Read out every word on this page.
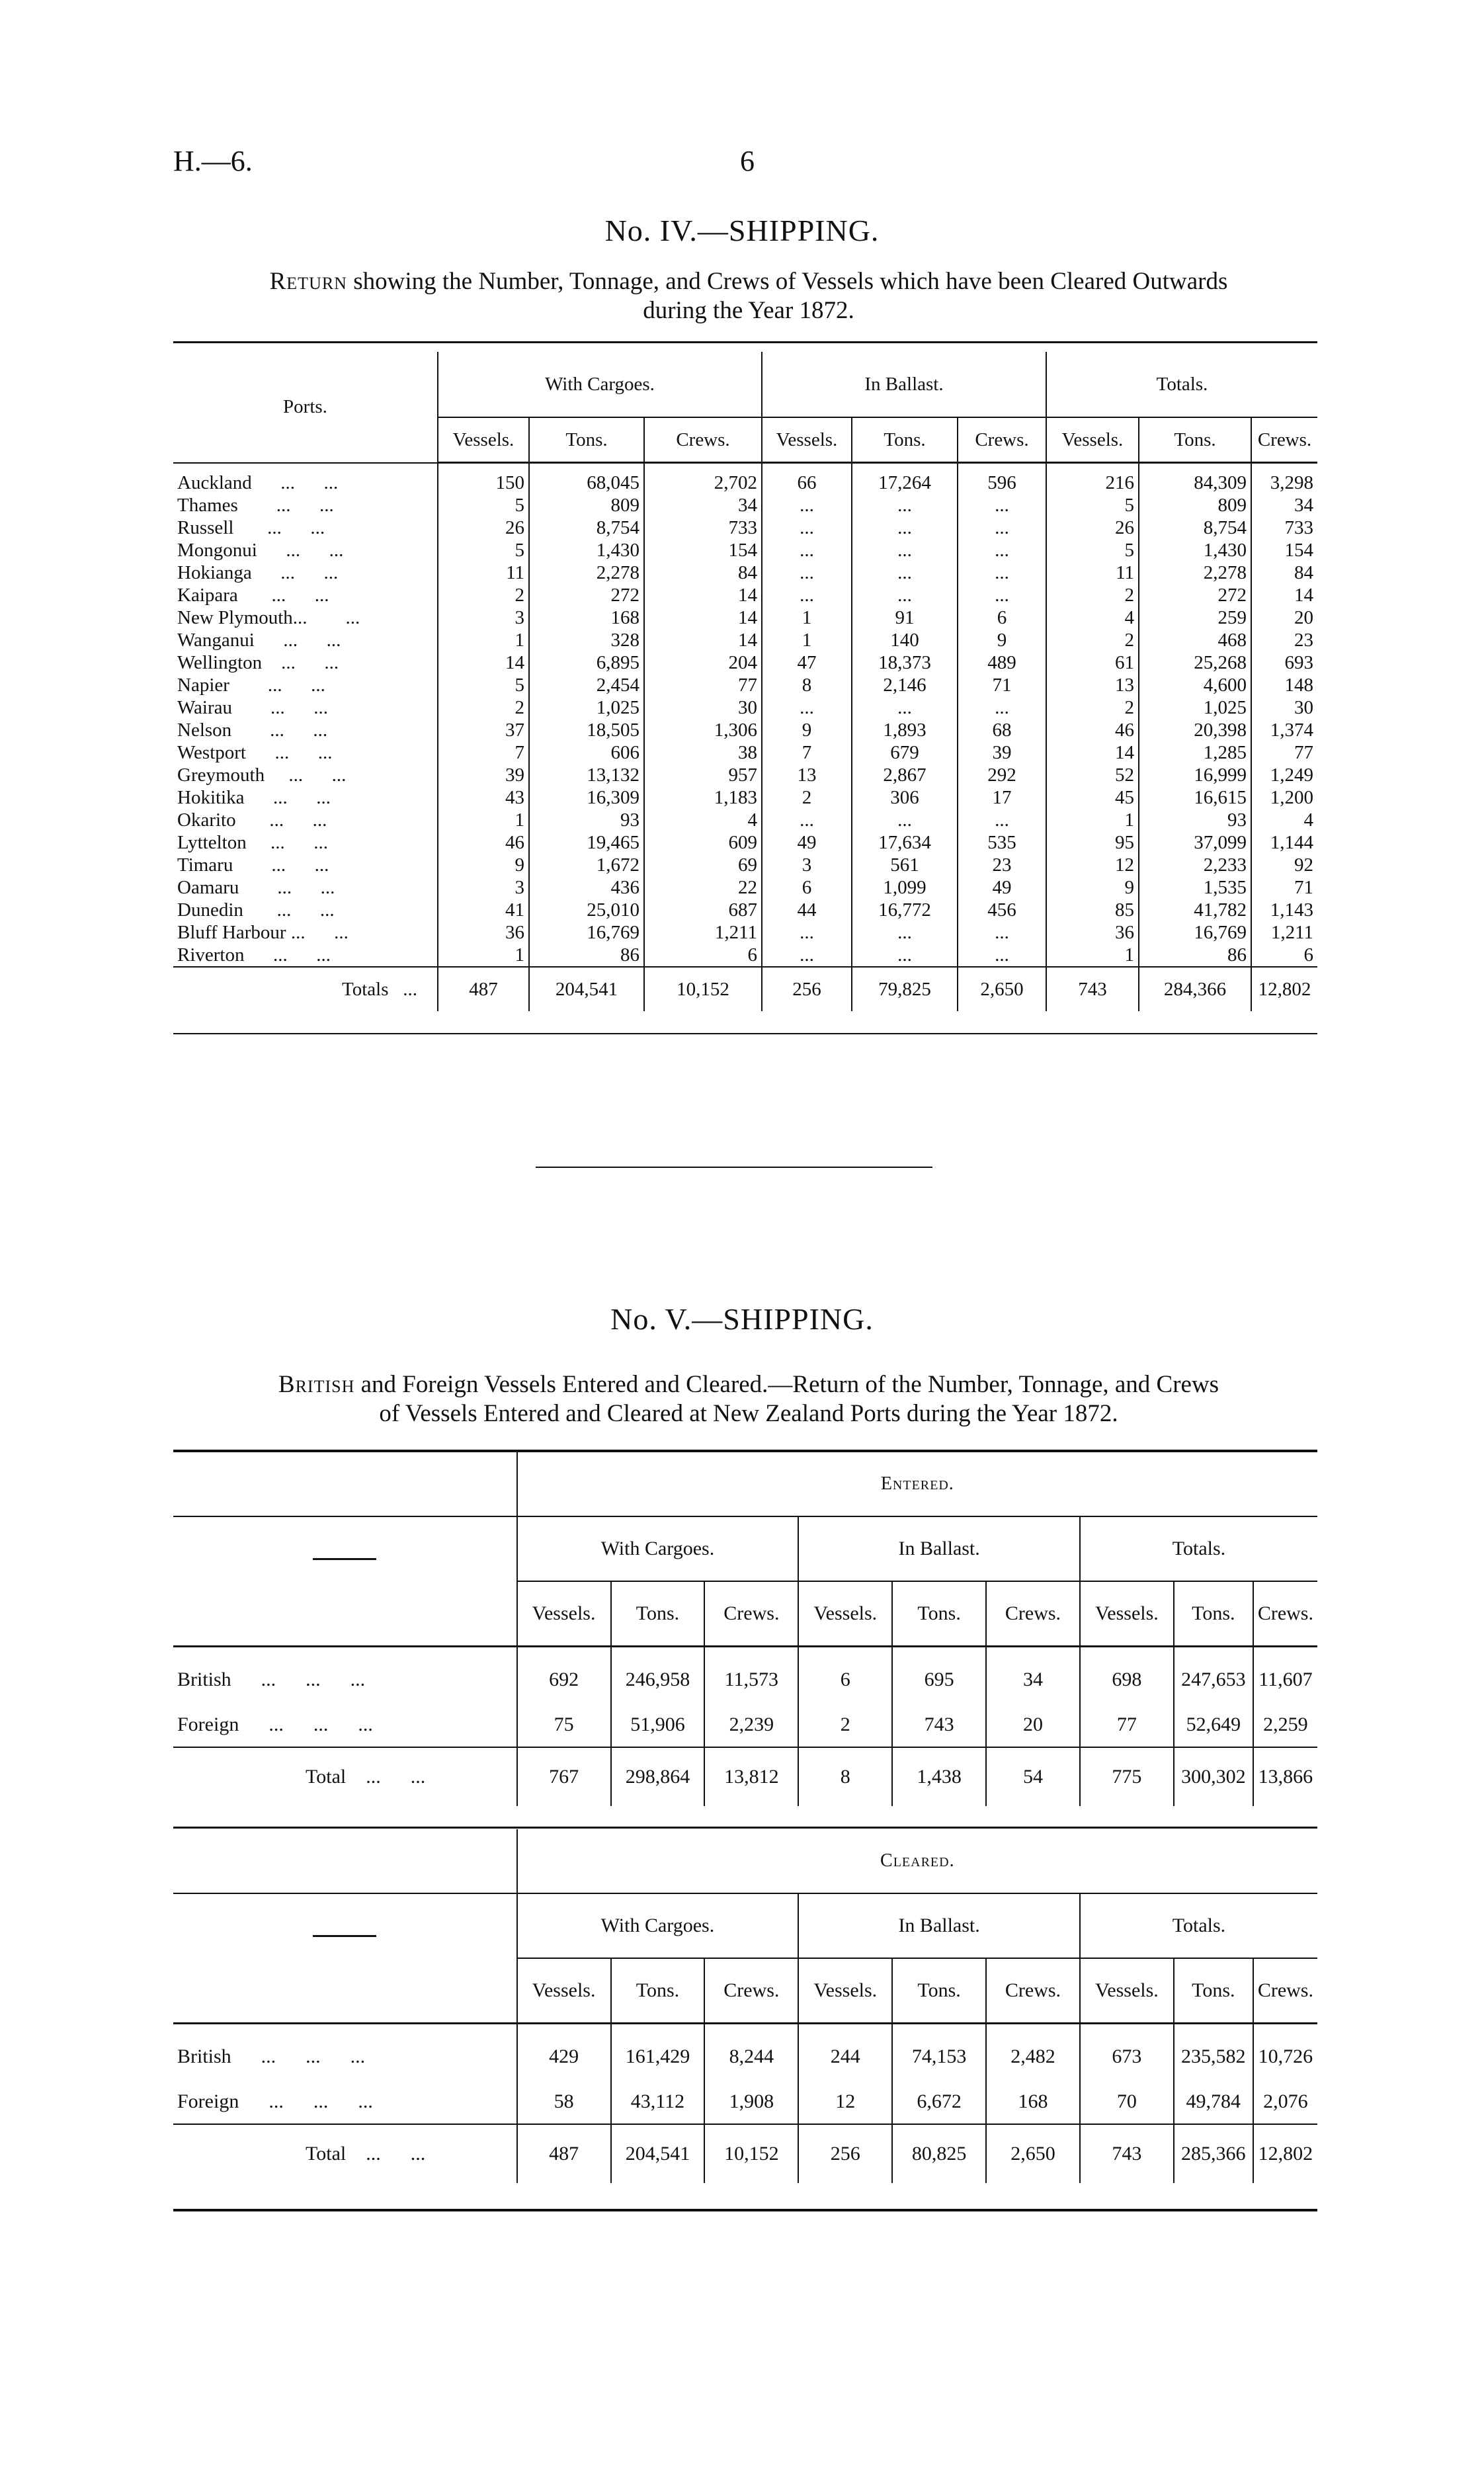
H.—6.	6
No. IV.—SHIPPING.
Return showing the Number, Tonnage, and Crews of Vessels which have been Cleared Outwards
during the Year 1872.
Ports.	With Cargoes.			In Ballast.			Totals.		
	Vessels.	Tons.	Crews.	Vessels.	Tons.	Crews.	Vessels.	Tons.	Crews.
Auckland      ...      ...	150	68,045	2,702	66	17,264	596	216	84,309	3,298
Thames        ...      ...	5	809	34	...	...	...	5	809	34
Russell       ...      ...	26	8,754	733	...	...	...	26	8,754	733
Mongonui      ...      ...	5	1,430	154	...	...	...	5	1,430	154
Hokianga      ...      ...	11	2,278	84	...	...	...	11	2,278	84
Kaipara       ...      ...	2	272	14	...	...	...	2	272	14
New Plymouth...        ...	3	168	14	1	91	6	4	259	20
Wanganui      ...      ...	1	328	14	1	140	9	2	468	23
Wellington    ...      ...	14	6,895	204	47	18,373	489	61	25,268	693
Napier        ...      ...	5	2,454	77	8	2,146	71	13	4,600	148
Wairau        ...      ...	2	1,025	30	...	...	...	2	1,025	30
Nelson        ...      ...	37	18,505	1,306	9	1,893	68	46	20,398	1,374
Westport      ...      ...	7	606	38	7	679	39	14	1,285	77
Greymouth     ...      ...	39	13,132	957	13	2,867	292	52	16,999	1,249
Hokitika      ...      ...	43	16,309	1,183	2	306	17	45	16,615	1,200
Okarito       ...      ...	1	93	4	...	...	...	1	93	4
Lyttelton     ...      ...	46	19,465	609	49	17,634	535	95	37,099	1,144
Timaru        ...      ...	9	1,672	69	3	561	23	12	2,233	92
Oamaru        ...      ...	3	436	22	6	1,099	49	9	1,535	71
Dunedin       ...      ...	41	25,010	687	44	16,772	456	85	41,782	1,143
Bluff Harbour ...      ...	36	16,769	1,211	...	...	...	36	16,769	1,211
Riverton      ...      ...	1	86	6	...	...	...	1	86	6
Totals   ...	487	204,541	10,152	256	79,825	2,650	743	284,366	12,802
No. V.—SHIPPING.
British and Foreign Vessels Entered and Cleared.—Return of the Number, Tonnage, and Crews
of Vessels Entered and Cleared at New Zealand Ports during the Year 1872.
	Entered.								
	With Cargoes.			In Ballast.			Totals.		
	Vessels.	Tons.	Crews.	Vessels.	Tons.	Crews.	Vessels.	Tons.	Crews.
British      ...      ...      ...	692	246,958	11,573	6	695	34	698	247,653	11,607
Foreign      ...      ...      ...	75	51,906	2,239	2	743	20	77	52,649	2,259
Total    ...      ...	767	298,864	13,812	8	1,438	54	775	300,302	13,866
	Cleared.								
	With Cargoes.			In Ballast.			Totals.		
	Vessels.	Tons.	Crews.	Vessels.	Tons.	Crews.	Vessels.	Tons.	Crews.
British      ...      ...      ...	429	161,429	8,244	244	74,153	2,482	673	235,582	10,726
Foreign      ...      ...      ...	58	43,112	1,908	12	6,672	168	70	49,784	2,076
Total    ...      ...	487	204,541	10,152	256	80,825	2,650	743	285,366	12,802
